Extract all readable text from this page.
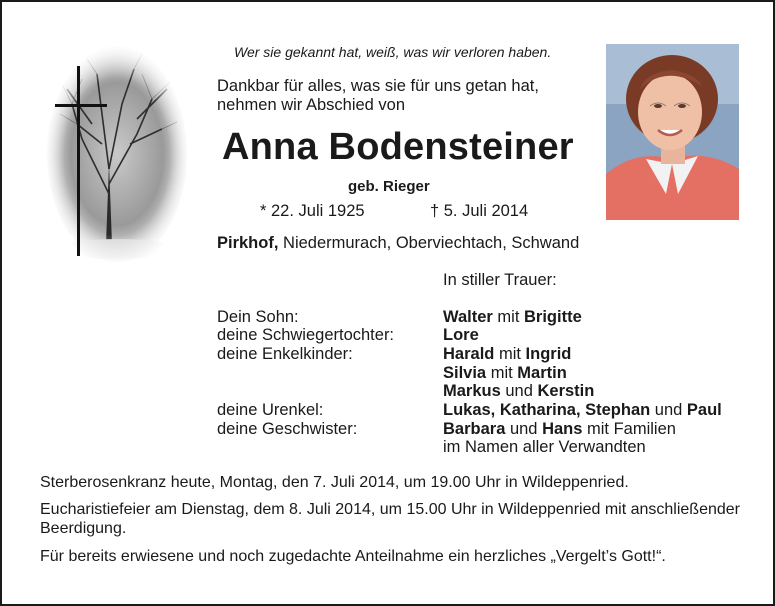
Wer sie gekannt hat, weiß, was wir verloren haben.
Dankbar für alles, was sie für uns getan hat,
nehmen wir Abschied von
Anna Bodensteiner
geb. Rieger
* 22. Juli 1925	† 5. Juli 2014
Pirkhof, Niedermurach, Oberviechtach, Schwand
In stiller Trauer:
Dein Sohn:
deine Schwiegertochter:
deine Enkelkinder:
deine Urenkel:
deine Geschwister:
Walter mit Brigitte
Lore
Harald mit Ingrid
Silvia mit Martin
Markus und Kerstin
Lukas, Katharina, Stephan und Paul
Barbara und Hans mit Familien
im Namen aller Verwandten
Sterberosenkranz heute, Montag, den 7. Juli 2014, um 19.00 Uhr in Wildeppenried.
Eucharistiefeier am Dienstag, dem 8. Juli 2014, um 15.00 Uhr in Wildeppenried mit anschließender Beerdigung.
Für bereits erwiesene und noch zugedachte Anteilnahme ein herzliches „Vergelt’s Gott!“.
